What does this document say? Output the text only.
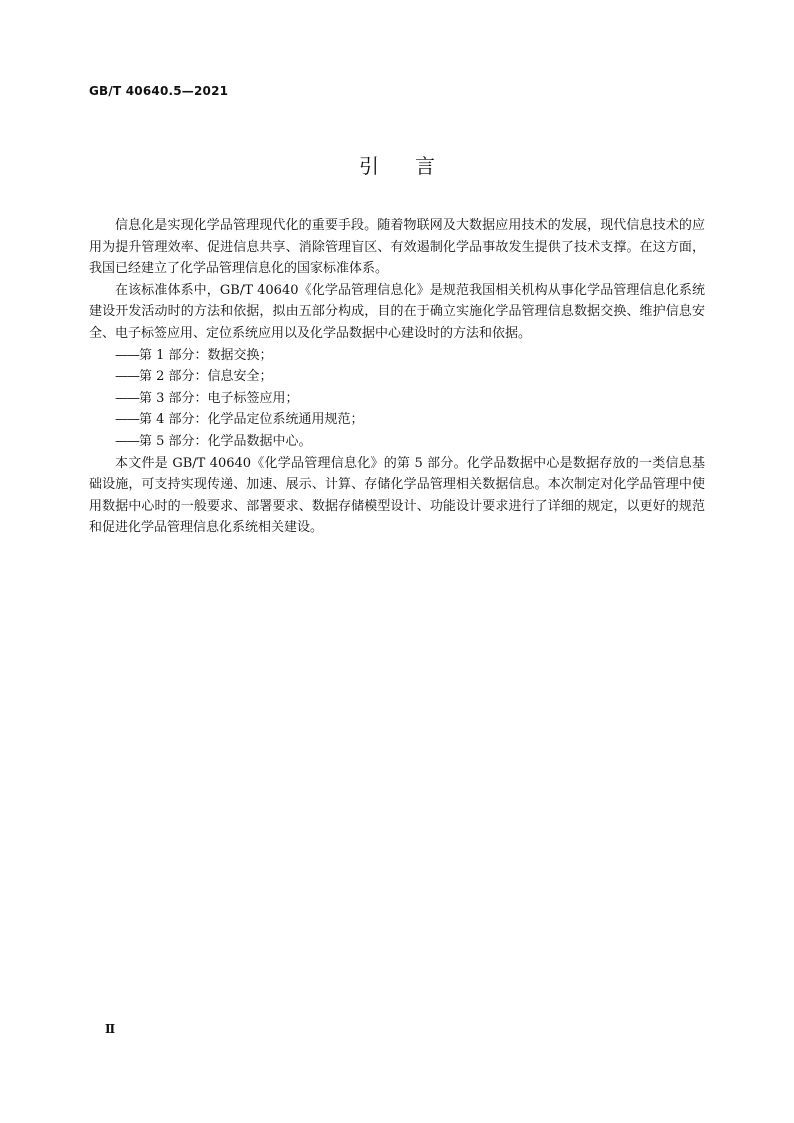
GB/T 40640.5—2021
引言

信息化是实现化学品管理现代化的重要手段。随着物联网及大数据应用技术的发展，现代信息技术的应用为提升管理效率、促进信息共享、消除管理盲区、有效遏制化学品事故发生提供了技术支撑。在这方面，我国已经建立了化学品管理信息化的国家标准体系。

在该标准体系中，GB/T 40640《化学品管理信息化》是规范我国相关机构从事化学品管理信息化系统建设开发活动时的方法和依据，拟由五部分构成，目的在于确立实施化学品管理信息数据交换、维护信息安全、电子标签应用、定位系统应用以及化学品数据中心建设时的方法和依据。

——第 1 部分：数据交换；
——第 2 部分：信息安全；
——第 3 部分：电子标签应用；
——第 4 部分：化学品定位系统通用规范；
——第 5 部分：化学品数据中心。

本文件是 GB/T 40640《化学品管理信息化》的第 5 部分。化学品数据中心是数据存放的一类信息基础设施，可支持实现传递、加速、展示、计算、存储化学品管理相关数据信息。本次制定对化学品管理中使用数据中心时的一般要求、部署要求、数据存储模型设计、功能设计要求进行了详细的规定，以更好的规范和促进化学品管理信息化系统相关建设。

Ⅱ
